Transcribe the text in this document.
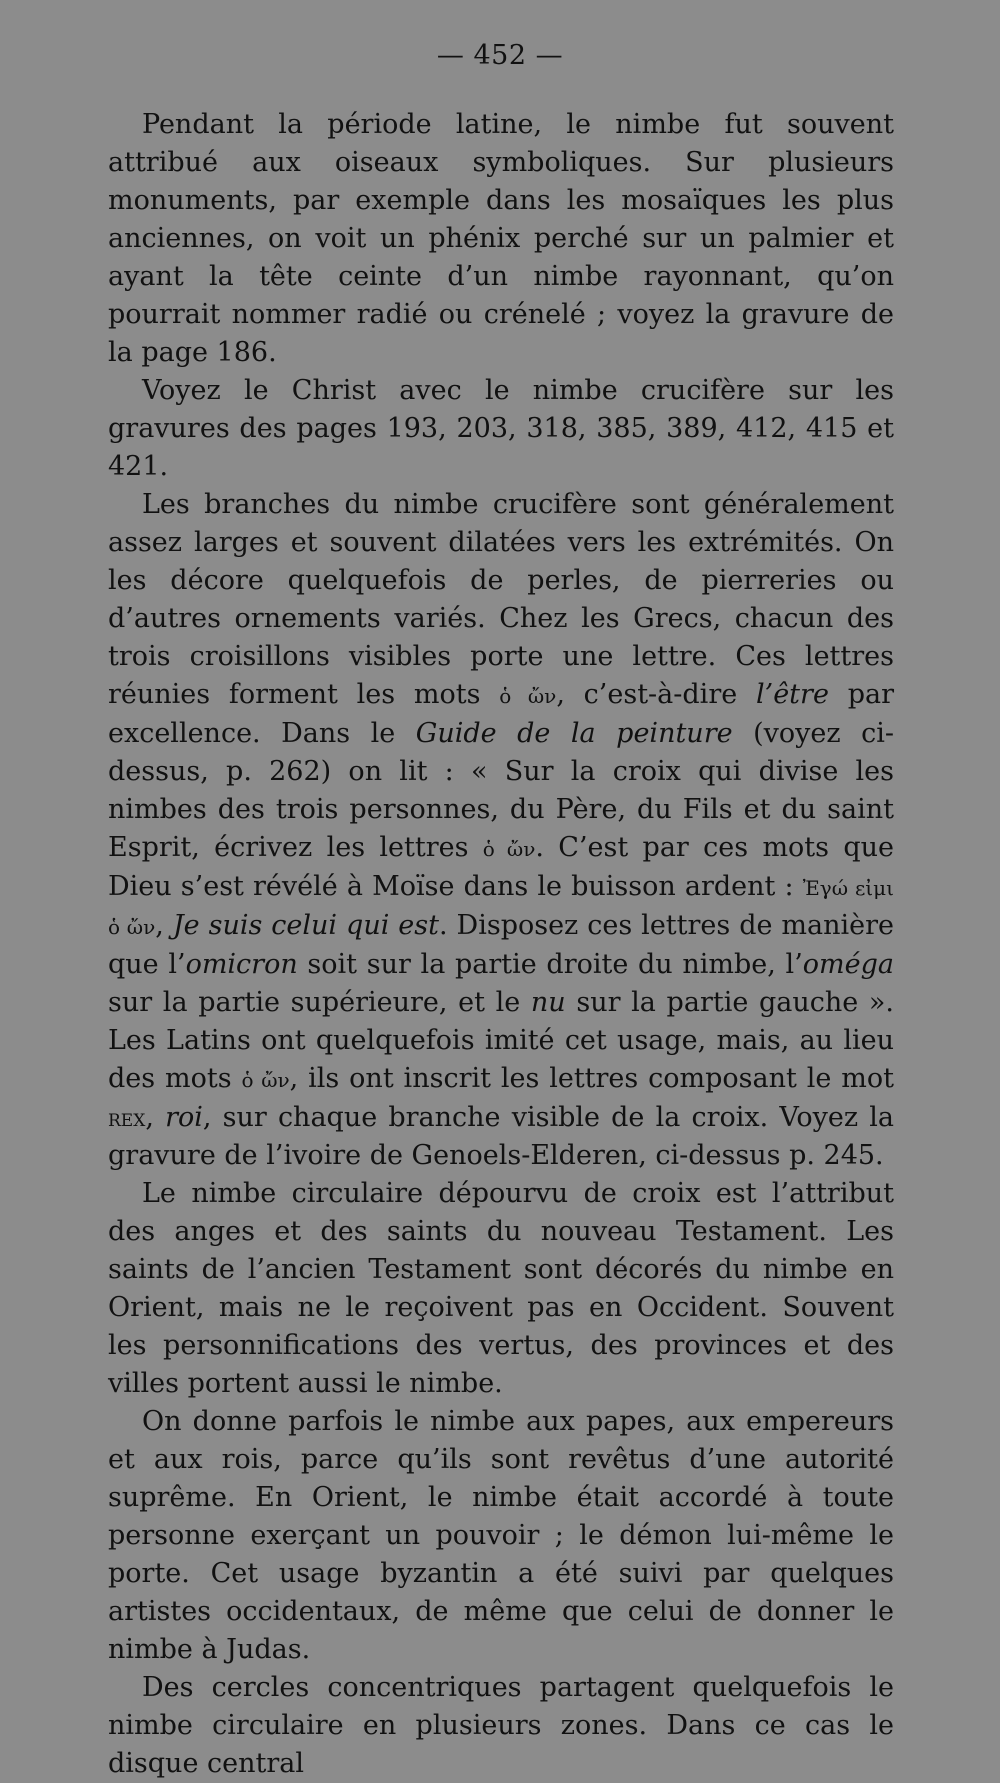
— 452 —

Pendant la période latine, le nimbe fut souvent attribué aux oiseaux symboliques. Sur plusieurs monuments, par exemple dans les mosaïques les plus anciennes, on voit un phénix perché sur un palmier et ayant la tête ceinte d’un nimbe rayonnant, qu’on pourrait nommer radié ou crénelé ; voyez la gravure de la page 186.

Voyez le Christ avec le nimbe crucifère sur les gravures des pages 193, 203, 318, 385, 389, 412, 415 et 421.

Les branches du nimbe crucifère sont généralement assez larges et souvent dilatées vers les extrémités. On les décore quelquefois de perles, de pierreries ou d’autres ornements variés. Chez les Grecs, chacun des trois croisillons visibles porte une lettre. Ces lettres réunies forment les mots ὁ ὤν, c’est-à-dire l’être par excellence. Dans le Guide de la peinture (voyez ci-dessus, p. 262) on lit : « Sur la croix qui divise les nimbes des trois personnes, du Père, du Fils et du saint Esprit, écrivez les lettres ὁ ὤν. C’est par ces mots que Dieu s’est révélé à Moïse dans le buisson ardent : Ἐγώ εἰμι ὁ ὤν, Je suis celui qui est. Disposez ces lettres de manière que l’omicron soit sur la partie droite du nimbe, l’oméga sur la partie supérieure, et le nu sur la partie gauche ». Les Latins ont quelquefois imité cet usage, mais, au lieu des mots ὁ ὤν, ils ont inscrit les lettres composant le mot rex, roi, sur chaque branche visible de la croix. Voyez la gravure de l’ivoire de Genoels-Elderen, ci-dessus p. 245.

Le nimbe circulaire dépourvu de croix est l’attribut des anges et des saints du nouveau Testament. Les saints de l’ancien Testament sont décorés du nimbe en Orient, mais ne le reçoivent pas en Occident. Souvent les personnifications des vertus, des provinces et des villes portent aussi le nimbe.

On donne parfois le nimbe aux papes, aux empereurs et aux rois, parce qu’ils sont revêtus d’une autorité suprême. En Orient, le nimbe était accordé à toute personne exerçant un pouvoir ; le démon lui-même le porte. Cet usage byzantin a été suivi par quelques artistes occidentaux, de même que celui de donner le nimbe à Judas.

Des cercles concentriques partagent quelquefois le nimbe circulaire en plusieurs zones. Dans ce cas le disque central
